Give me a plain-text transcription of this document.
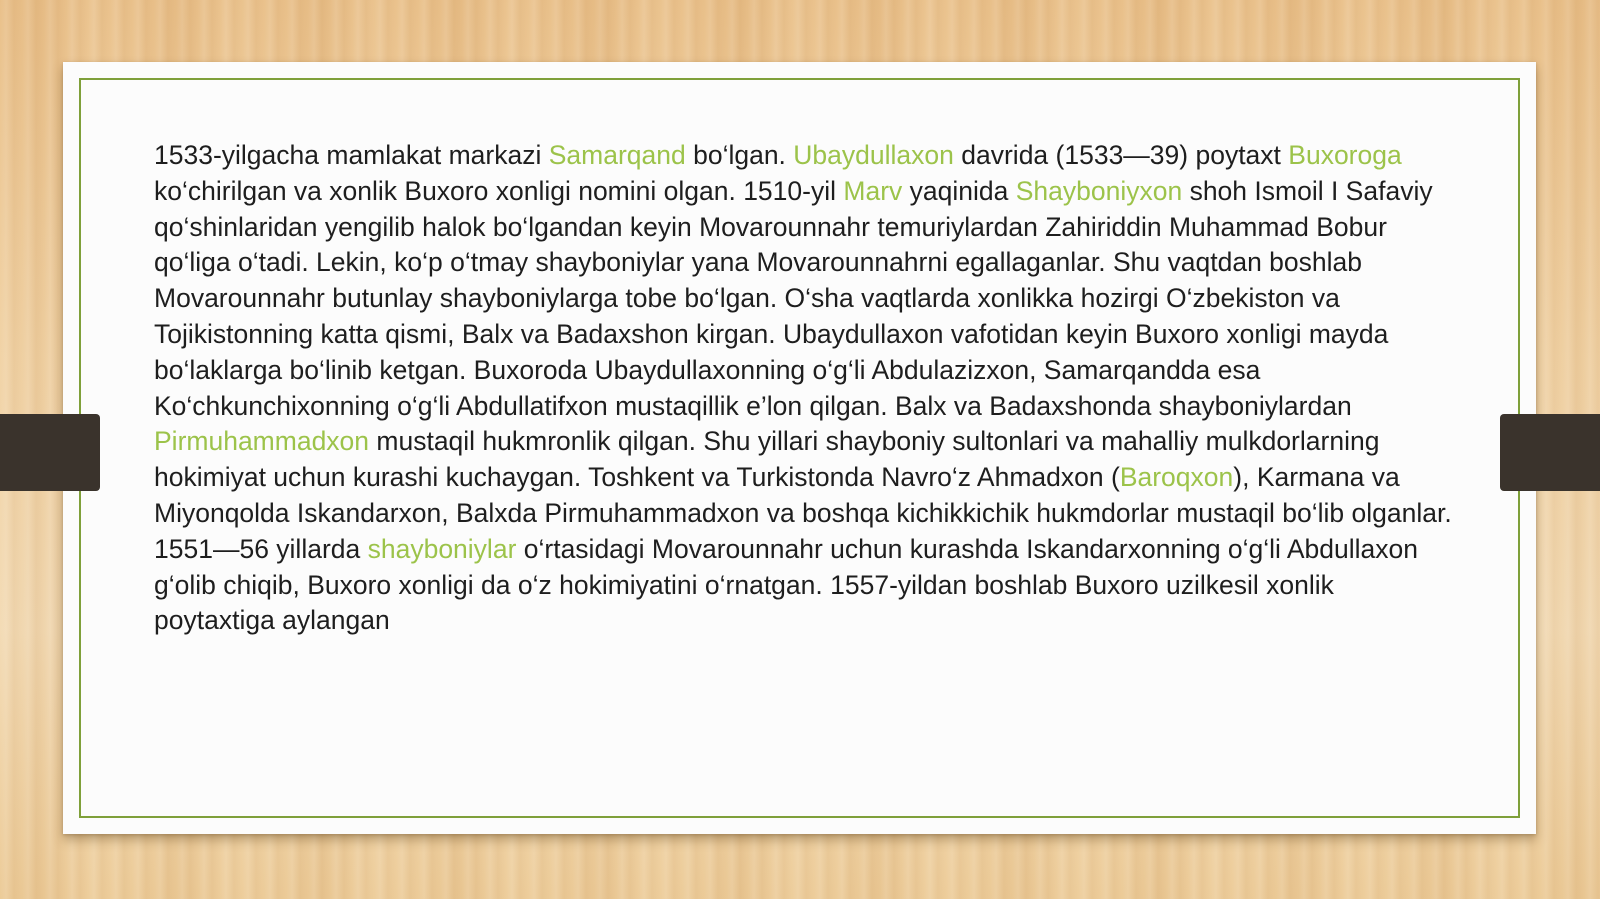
1533-yilgacha mamlakat markazi Samarqand bo‘lgan. Ubaydullaxon davrida (1533—39) poytaxt Buxoroga ko‘chirilgan va xonlik Buxoro xonligi nomini olgan. 1510-yil Marv yaqinida Shayboniyxon shoh Ismoil I Safaviy qo‘shinlaridan yengilib halok bo‘lgandan keyin Movarounnahr temuriylardan Zahiriddin Muhammad Bobur qo‘liga o‘tadi. Lekin, ko‘p o‘tmay shayboniylar yana Movarounnahrni egallaganlar. Shu vaqtdan boshlab Movarounnahr butunlay shayboniylarga tobe bo‘lgan. O‘sha vaqtlarda xonlikka hozirgi O‘zbekiston va Tojikistonning katta qismi, Balx va Badaxshon kirgan. Ubaydullaxon vafotidan keyin Buxoro xonligi mayda bo‘laklarga bo‘linib ketgan. Buxoroda Ubaydullaxonning o‘g‘li Abdulazizxon, Samarqandda esa Ko‘chkunchixonning o‘g‘li Abdullatifxon mustaqillik e’lon qilgan. Balx va Badaxshonda shayboniylardan Pirmuhammadxon mustaqil hukmronlik qilgan. Shu yillari shayboniy sultonlari va mahalliy mulkdorlarning hokimiyat uchun kurashi kuchaygan. Toshkent va Turkistonda Navro‘z Ahmadxon (Baroqxon), Karmana va Miyonqolda Iskandarxon, Balxda Pirmuhammadxon va boshqa kichikkichik hukmdorlar mustaqil bo‘lib olganlar. 1551—56 yillarda shayboniylar o‘rtasidagi Movarounnahr uchun kurashda Iskandarxonning o‘g‘li Abdullaxon g‘olib chiqib, Buxoro xonligi da o‘z hokimiyatini o‘rnatgan. 1557-yildan boshlab Buxoro uzilkesil xonlik poytaxtiga aylangan
